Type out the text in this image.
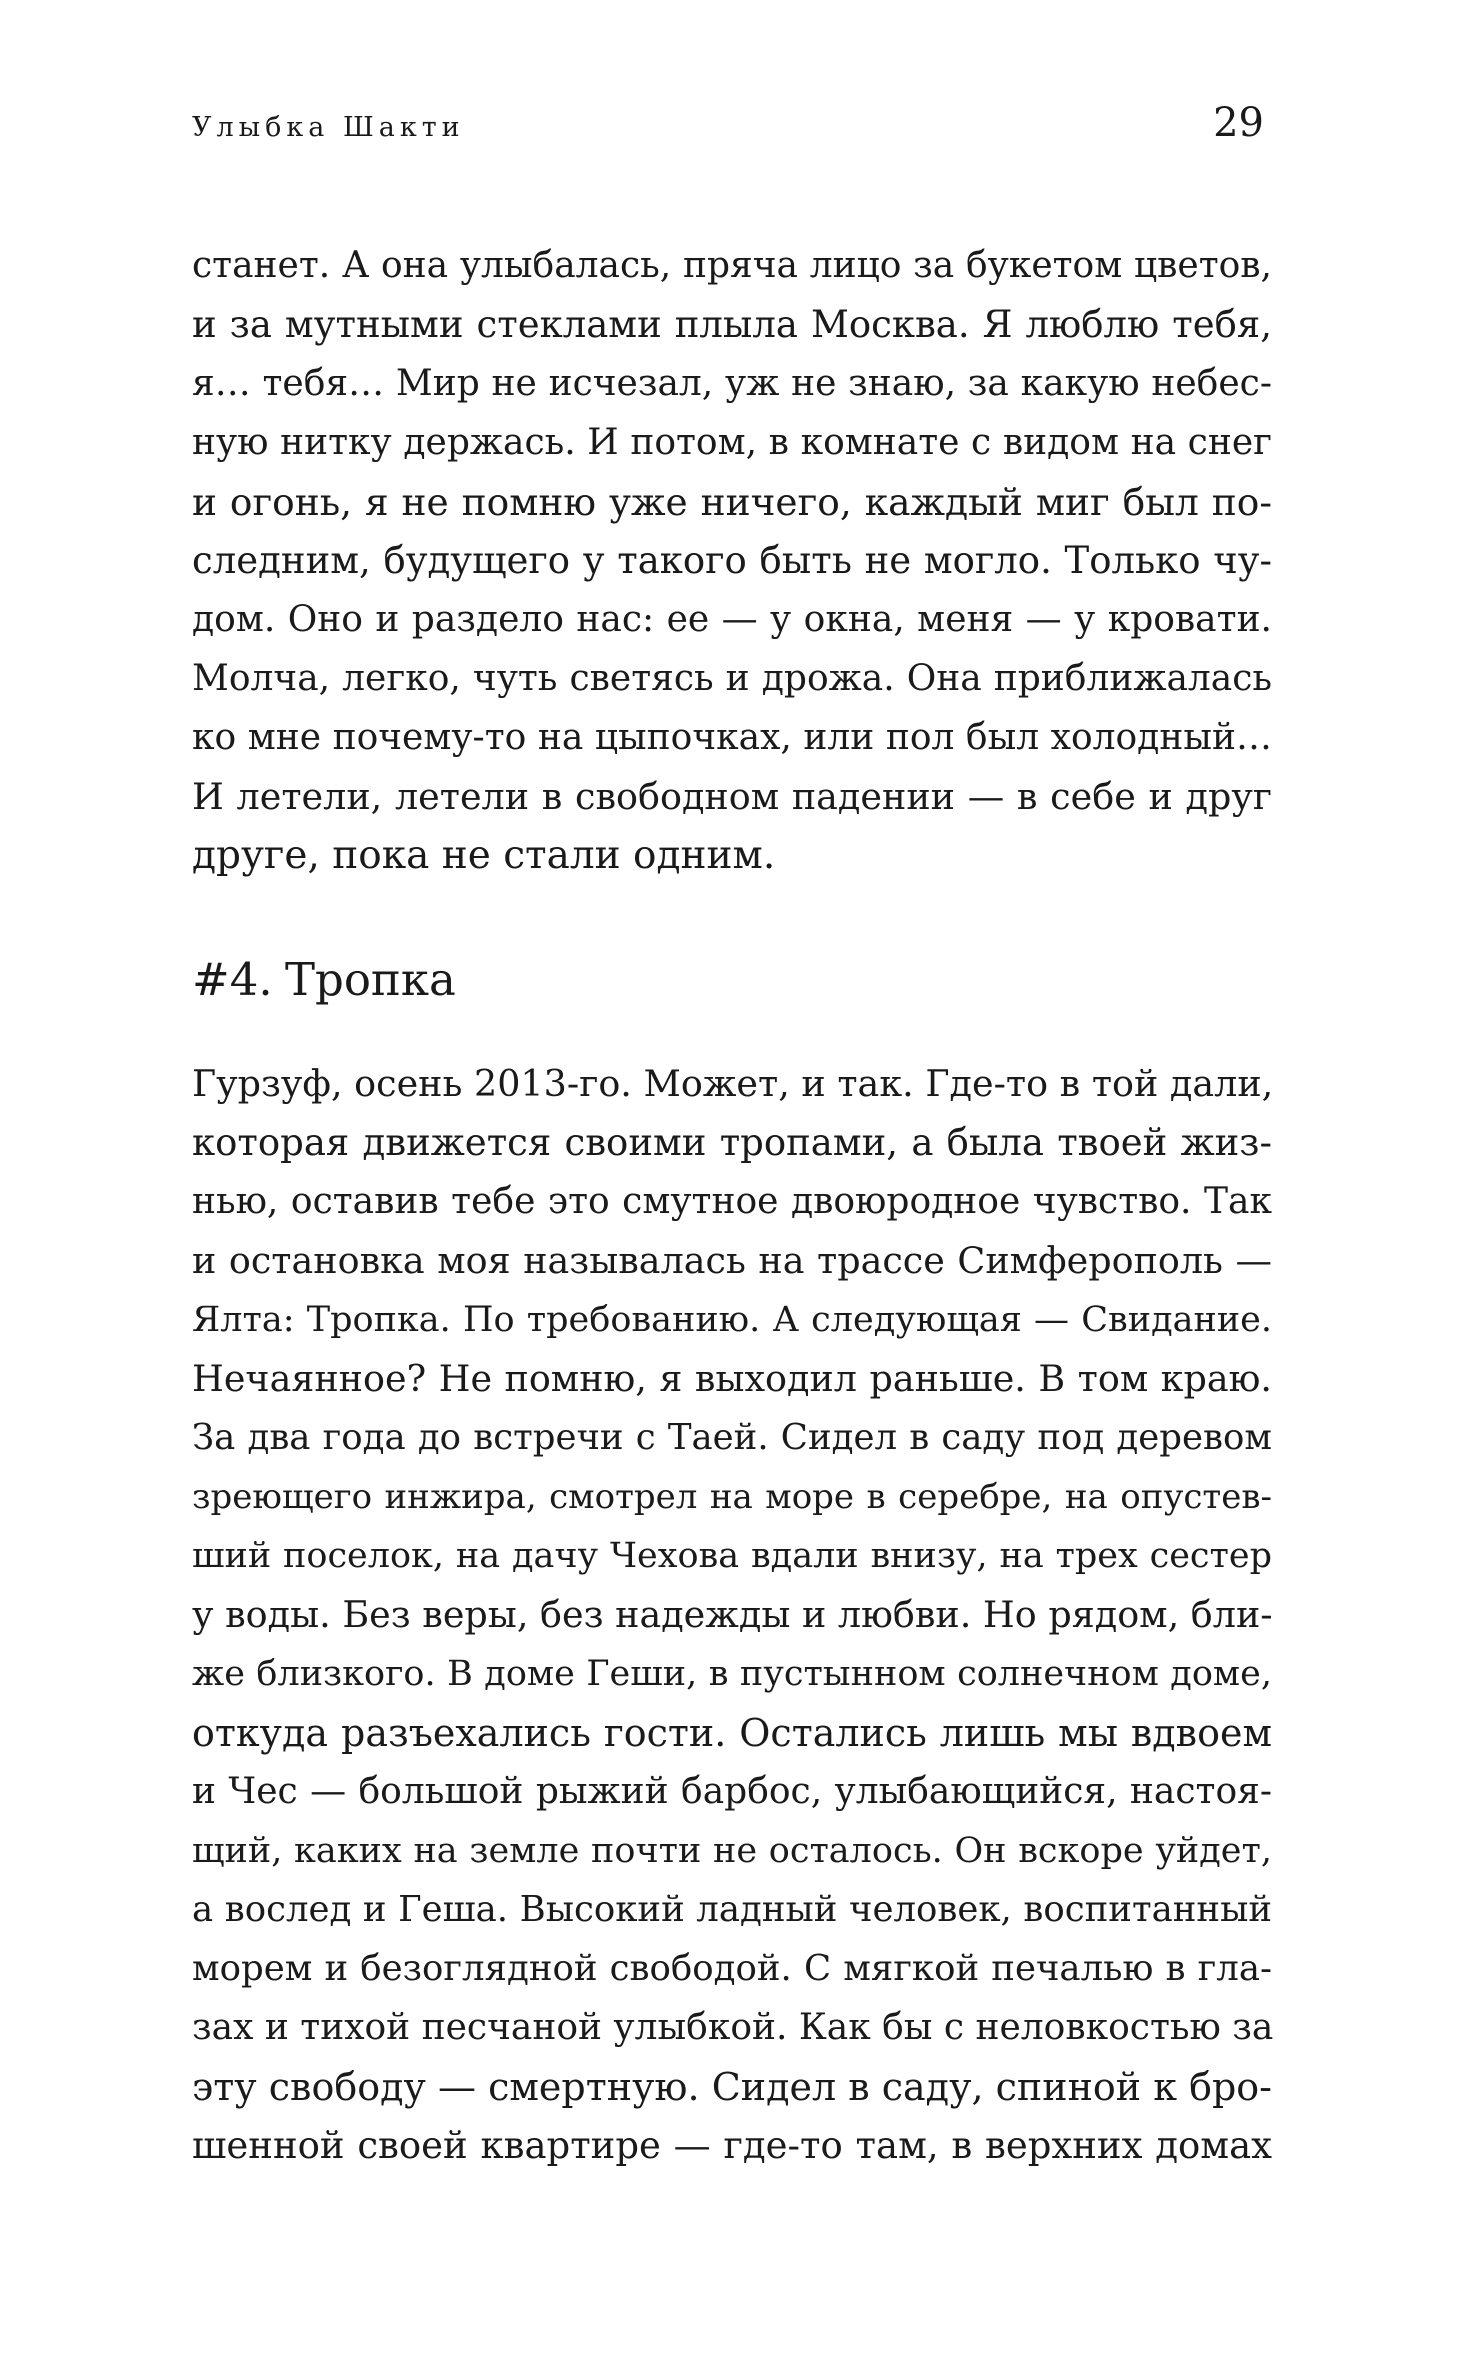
Улыбка Шакти	29
станет. А она улыбалась, пряча лицо за букетом цветов,
и за мутными стеклами плыла Москва. Я люблю тебя,
я… тебя… Мир не исчезал, уж не знаю, за какую небес-
ную нитку держась. И потом, в комнате с видом на снег
и огонь, я не помню уже ничего, каждый миг был по-
следним, будущего у такого быть не могло. Только чу-
дом. Оно и раздело нас: ее — у окна, меня — у кровати.
Молча, легко, чуть светясь и дрожа. Она приближалась
ко мне почему-то на цыпочках, или пол был холодный…
И летели, летели в свободном падении — в себе и друг
друге, пока не стали одним.
#4. Тропка
Гурзуф, осень 2013-го. Может, и так. Где-то в той дали,
которая движется своими тропами, а была твоей жиз-
нью, оставив тебе это смутное двоюродное чувство. Так
и остановка моя называлась на трассе Симферополь —
Ялта: Тропка. По требованию. А следующая — Свидание.
Нечаянное? Не помню, я выходил раньше. В том краю.
За два года до встречи с Таей. Сидел в саду под деревом
зреющего инжира, смотрел на море в серебре, на опустев-
ший поселок, на дачу Чехова вдали внизу, на трех сестер
у воды. Без веры, без надежды и любви. Но рядом, бли-
же близкого. В доме Геши, в пустынном солнечном доме,
откуда разъехались гости. Остались лишь мы вдвоем
и Чес — большой рыжий барбос, улыбающийся, настоя-
щий, каких на земле почти не осталось. Он вскоре уйдет,
а вослед и Геша. Высокий ладный человек, воспитанный
морем и безоглядной свободой. С мягкой печалью в гла-
зах и тихой песчаной улыбкой. Как бы с неловкостью за
эту свободу — смертную. Сидел в саду, спиной к бро-
шенной своей квартире — где-то там, в верхних домах
